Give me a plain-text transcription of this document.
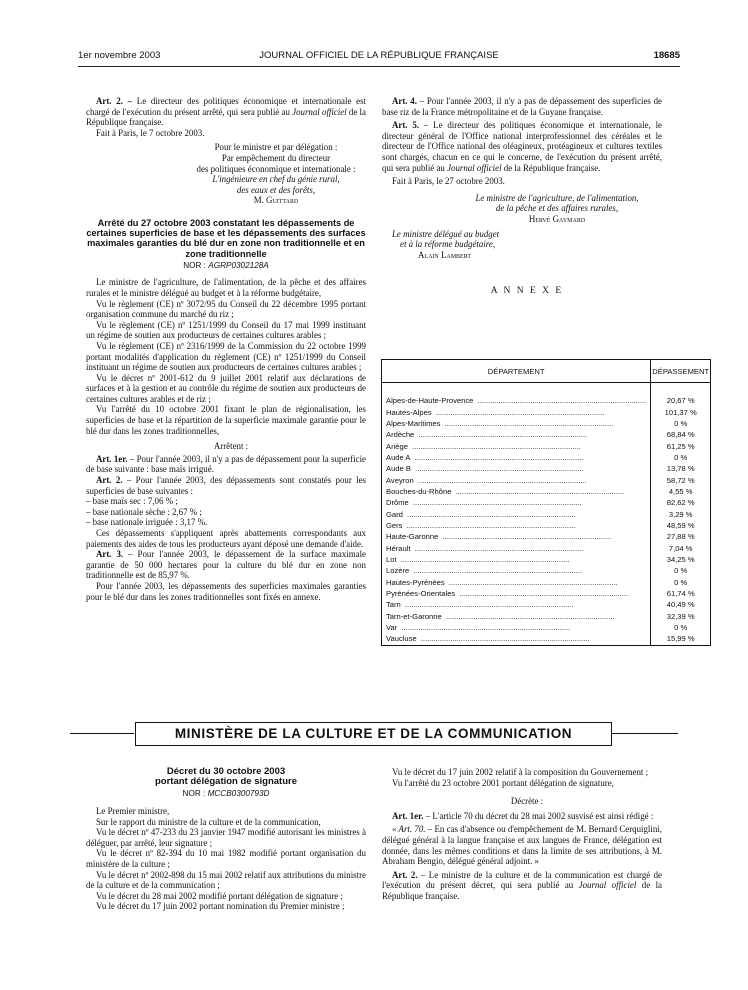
1er novembre 2003	JOURNAL OFFICIEL DE LA RÉPUBLIQUE FRANÇAISE	18685

Art. 2. – Le directeur des politiques économique et internationale est chargé de l'exécution du présent arrêté, qui sera publié au Journal officiel de la République française.

Fait à Paris, le 7 octobre 2003.

Pour le ministre et par délégation :

Par empêchement du directeur

des politiques économique et internationale :

L'ingénieure en chef du génie rural,

des eaux et des forêts,

M. Guittard

Arrêté du 27 octobre 2003 constatant les dépassements de certaines superficies de base et les dépassements des surfaces maximales garanties du blé dur en zone non traditionnelle et en zone traditionnelle
NOR : AGRP0302128A

Le ministre de l'agriculture, de l'alimentation, de la pêche et des affaires rurales et le ministre délégué au budget et à la réforme budgétaire,

Vu le règlement (CE) nº 3072/95 du Conseil du 22 décembre 1995 portant organisation commune du marché du riz ;

Vu le règlement (CE) nº 1251/1999 du Conseil du 17 mai 1999 instituant un régime de soutien aux producteurs de certaines cultures arables ;

Vu le règlement (CE) nº 2316/1999 de la Commission du 22 octobre 1999 portant modalités d'application du règlement (CE) nº 1251/1999 du Conseil instituant un régime de soutien aux producteurs de certaines cultures arables ;

Vu le décret nº 2001-612 du 9 juillet 2001 relatif aux déclarations de surfaces et à la gestion et au contrôle du régime de soutien aux producteurs de certaines cultures arables et de riz ;

Vu l'arrêté du 10 octobre 2001 fixant le plan de régionalisation, les superficies de base et la répartition de la superficie maximale garantie pour le blé dur dans les zones traditionnelles,

Arrêtent :

Art. 1er. – Pour l'année 2003, il n'y a pas de dépassement pour la superficie de base suivante : base maïs irrigué.

Art. 2. – Pour l'année 2003, des dépassements sont constatés pour les superficies de base suivantes :

– base maïs sec : 7,06 % ;

– base nationale sèche : 2,67 % ;

– base nationale irriguée : 3,17 %.

Ces dépassements s'appliquent après abattements correspondants aux paiements des aides de tous les producteurs ayant déposé une demande d'aide.

Art. 3. – Pour l'année 2003, le dépassement de la surface maximale garantie de 50 000 hectares pour la culture du blé dur en zone non traditionnelle est de 85,97 %.

Pour l'année 2003, les dépassements des superficies maximales garanties pour le blé dur dans les zones traditionnelles sont fixés en annexe.

Art. 4. – Pour l'année 2003, il n'y a pas de dépassement des superficies de base riz de la France métropolitaine et de la Guyane française.

Art. 5. – Le directeur des politiques économique et internationale, le directeur général de l'Office national interprofessionnel des céréales et le directeur de l'Office national des oléagineux, protéagineux et cultures textiles sont chargés, chacun en ce qui le concerne, de l'exécution du présent arrêté, qui sera publié au Journal officiel de la République française.

Fait à Paris, le 27 octobre 2003.

Le ministre de l'agriculture, de l'alimentation,

de la pêche et des affaires rurales,

Hervé Gaymard

Le ministre délégué au budget

et à la réforme budgétaire,

Alain Lambert

A N N E X E

DÉPARTEMENT	DÉPASSEMENT

Alpes-de-Haute-Provence ................................................................................	20,67 %
Hautes-Alpes ................................................................................	101,37 %
Alpes-Maritimes ................................................................................	0 %
Ardèche ................................................................................	68,84 %
Ariège ................................................................................	61,25 %
Aude A ................................................................................	0 %
Aude B ................................................................................	13,78 %
Aveyron ................................................................................	58,72 %
Bouches-du-Rhône ................................................................................	4,55 %
Drôme ................................................................................	82,62 %
Gard ................................................................................	3,29 %
Gers ................................................................................	48,59 %
Haute-Garonne ................................................................................	27,88 %
Hérault ................................................................................	7,04 %
Lot ................................................................................	34,25 %
Lozère ................................................................................	0 %
Hautes-Pyrénées ................................................................................	0 %
Pyrénées-Orientales ................................................................................	61,74 %
Tarn ................................................................................	40,49 %
Tarn-et-Garonne ................................................................................	32,39 %
Var ................................................................................	0 %
Vaucluse ................................................................................	15,99 %
MINISTÈRE DE LA CULTURE ET DE LA COMMUNICATION
Décret du 30 octobre 2003
portant délégation de signature
NOR : MCCB0300793D

Le Premier ministre,

Sur le rapport du ministre de la culture et de la communication,

Vu le décret nº 47-233 du 23 janvier 1947 modifié autorisant les ministres à déléguer, par arrêté, leur signature ;

Vu le décret nº 82-394 du 10 mai 1982 modifié portant organisation du ministère de la culture ;

Vu le décret nº 2002-898 du 15 mai 2002 relatif aux attributions du ministre de la culture et de la communication ;

Vu le décret du 28 mai 2002 modifié portant délégation de signature ;

Vu le décret du 17 juin 2002 portant nomination du Premier ministre ;

Vu le décret du 17 juin 2002 relatif à la composition du Gouvernement ;

Vu l'arrêté du 23 octobre 2001 portant délégation de signature,

Décrète :

Art. 1er. – L'article 70 du décret du 28 mai 2002 susvisé est ainsi rédigé :

« Art. 70. – En cas d'absence ou d'empêchement de M. Bernard Cerquiglini, délégué général à la langue française et aux langues de France, délégation est donnée, dans les mêmes conditions et dans la limite de ses attributions, à M. Abraham Bengio, délégué général adjoint. »

Art. 2. – Le ministre de la culture et de la communication est chargé de l'exécution du présent décret, qui sera publié au Journal officiel de la République française.
